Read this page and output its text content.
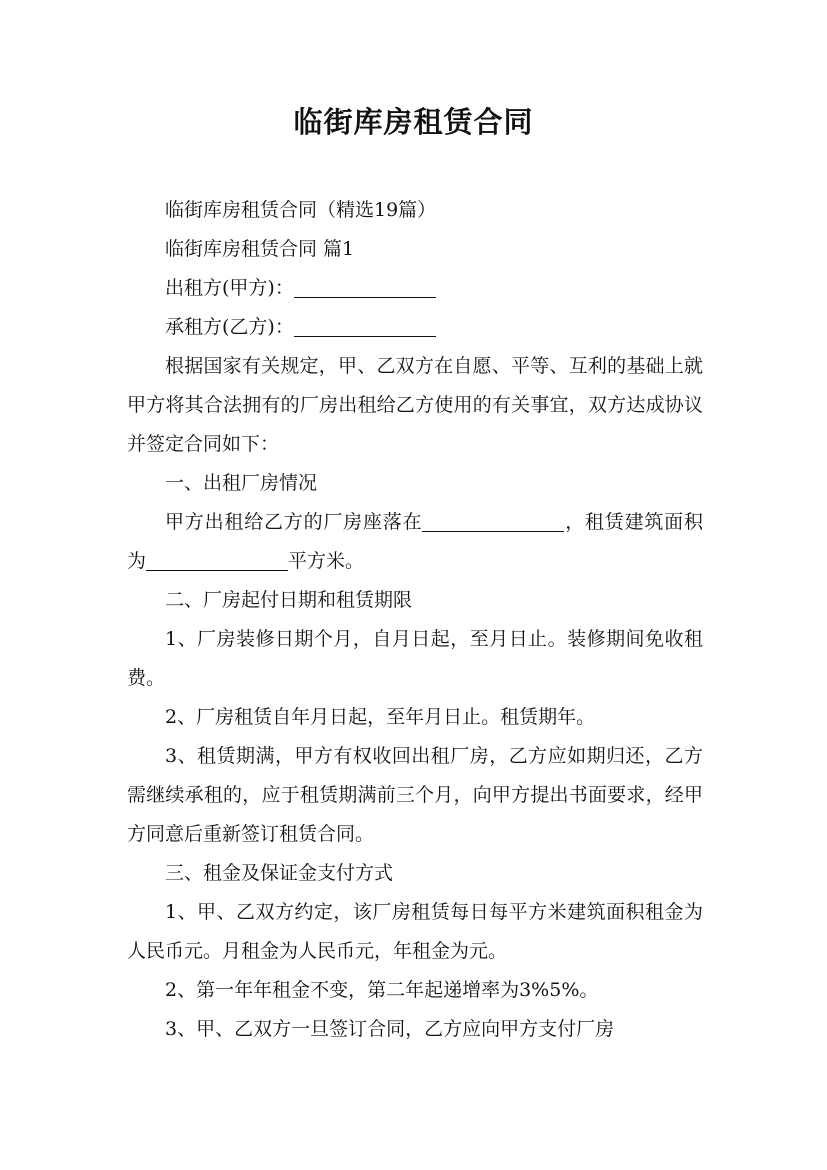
临街库房租赁合同

临街库房租赁合同（精选19篇）

临街库房租赁合同 篇1

出租方(甲方)：

承租方(乙方)：

根据国家有关规定，甲、乙双方在自愿、平等、互利的基础上就甲方将其合法拥有的厂房出租给乙方使用的有关事宜，双方达成协议并签定合同如下：

一、出租厂房情况

甲方出租给乙方的厂房座落在	，租赁建筑面积为	平方米。

二、厂房起付日期和租赁期限

1、厂房装修日期个月，自月日起，至月日止。装修期间免收租费。

2、厂房租赁自年月日起，至年月日止。租赁期年。

3、租赁期满，甲方有权收回出租厂房，乙方应如期归还，乙方需继续承租的，应于租赁期满前三个月，向甲方提出书面要求，经甲方同意后重新签订租赁合同。

三、租金及保证金支付方式

1、甲、乙双方约定，该厂房租赁每日每平方米建筑面积租金为人民币元。月租金为人民币元，年租金为元。

2、第一年年租金不变，第二年起递增率为3%5%。

3、甲、乙双方一旦签订合同，乙方应向甲方支付厂房
